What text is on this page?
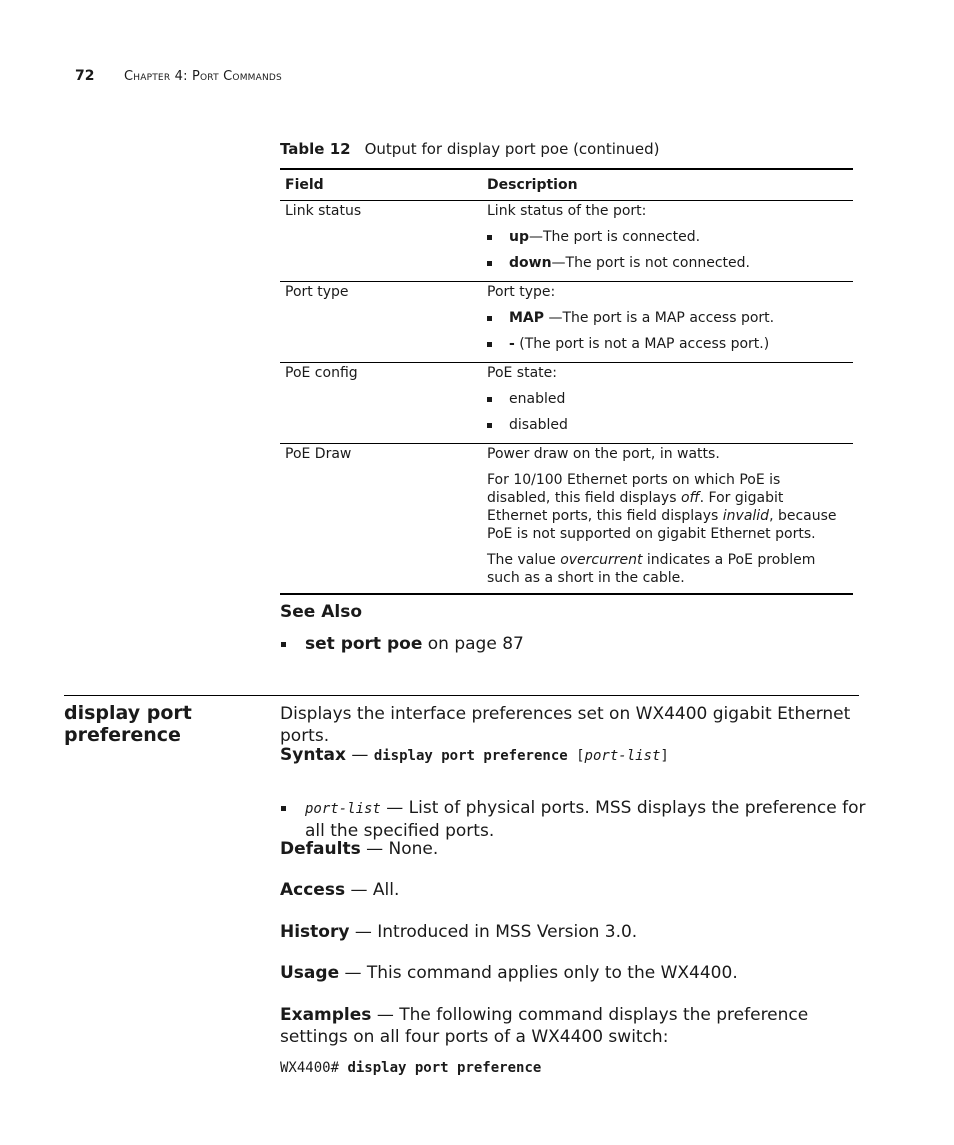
72 Chapter 4: Port Commands
Table 12 Output for display port poe (continued)
Field	Description
Link status	Link status of the port:

up—The port is connected.

down—The port is not connected.

Port type	Port type:

MAP —The port is a MAP access port.

- (The port is not a MAP access port.)

PoE config	PoE state:

enabled

disabled

PoE Draw	Power draw on the port, in watts.

For 10/100 Ethernet ports on which PoE is disabled, this field displays off. For gigabit Ethernet ports, this field displays invalid, because PoE is not supported on gigabit Ethernet ports.

The value overcurrent indicates a PoE problem such as a short in the cable.

See Also
set port poe on page 87
display port preference
Displays the interface preferences set on WX4400 gigabit Ethernet ports.
Syntax — display port preference [port-list]
port-list — List of physical ports. MSS displays the preference for all the specified ports.
Defaults — None.
Access — All.
History — Introduced in MSS Version 3.0.
Usage — This command applies only to the WX4400.
Examples — The following command displays the preference settings on all four ports of a WX4400 switch:
WX4400# display port preference
